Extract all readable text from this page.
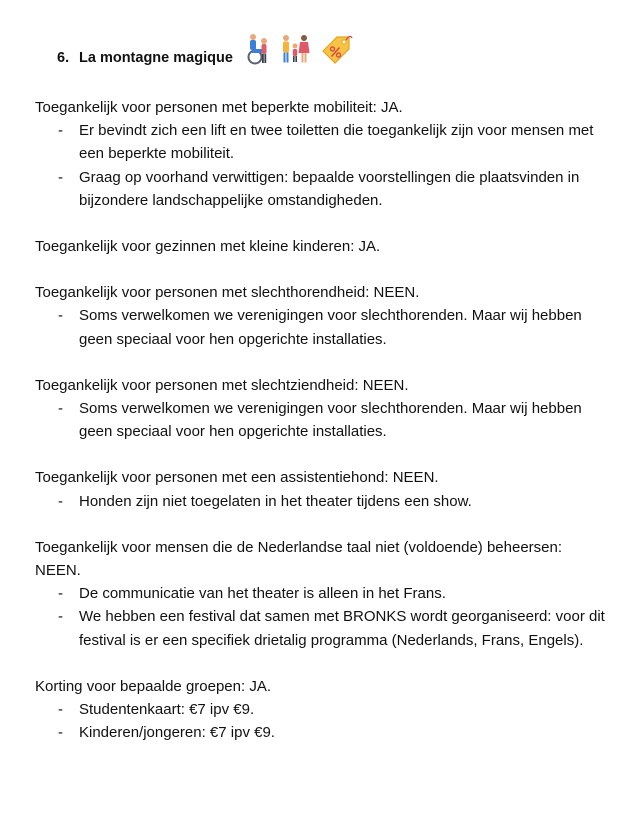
6. La montagne magique

Toegankelijk voor personen met beperkte mobiliteit: JA.

- Er bevindt zich een lift en twee toiletten die toegankelijk zijn voor mensen met een beperkte mobiliteit.
- Graag op voorhand verwittigen: bepaalde voorstellingen die plaatsvinden in bijzondere landschappelijke omstandigheden.

Toegankelijk voor gezinnen met kleine kinderen: JA.

Toegankelijk voor personen met slechthorendheid: NEEN.

- Soms verwelkomen we verenigingen voor slechthorenden. Maar wij hebben geen speciaal voor hen opgerichte installaties.

Toegankelijk voor personen met slechtziendheid: NEEN.

- Soms verwelkomen we verenigingen voor slechthorenden. Maar wij hebben geen speciaal voor hen opgerichte installaties.

Toegankelijk voor personen met een assistentiehond: NEEN.

- Honden zijn niet toegelaten in het theater tijdens een show.

Toegankelijk voor mensen die de Nederlandse taal niet (voldoende) beheersen: NEEN.

- De communicatie van het theater is alleen in het Frans.
- We hebben een festival dat samen met BRONKS wordt georganiseerd: voor dit festival is er een specifiek drietalig programma (Nederlands, Frans, Engels).

Korting voor bepaalde groepen: JA.

- Studentenkaart: €7 ipv €9.
- Kinderen/jongeren: €7 ipv €9.
